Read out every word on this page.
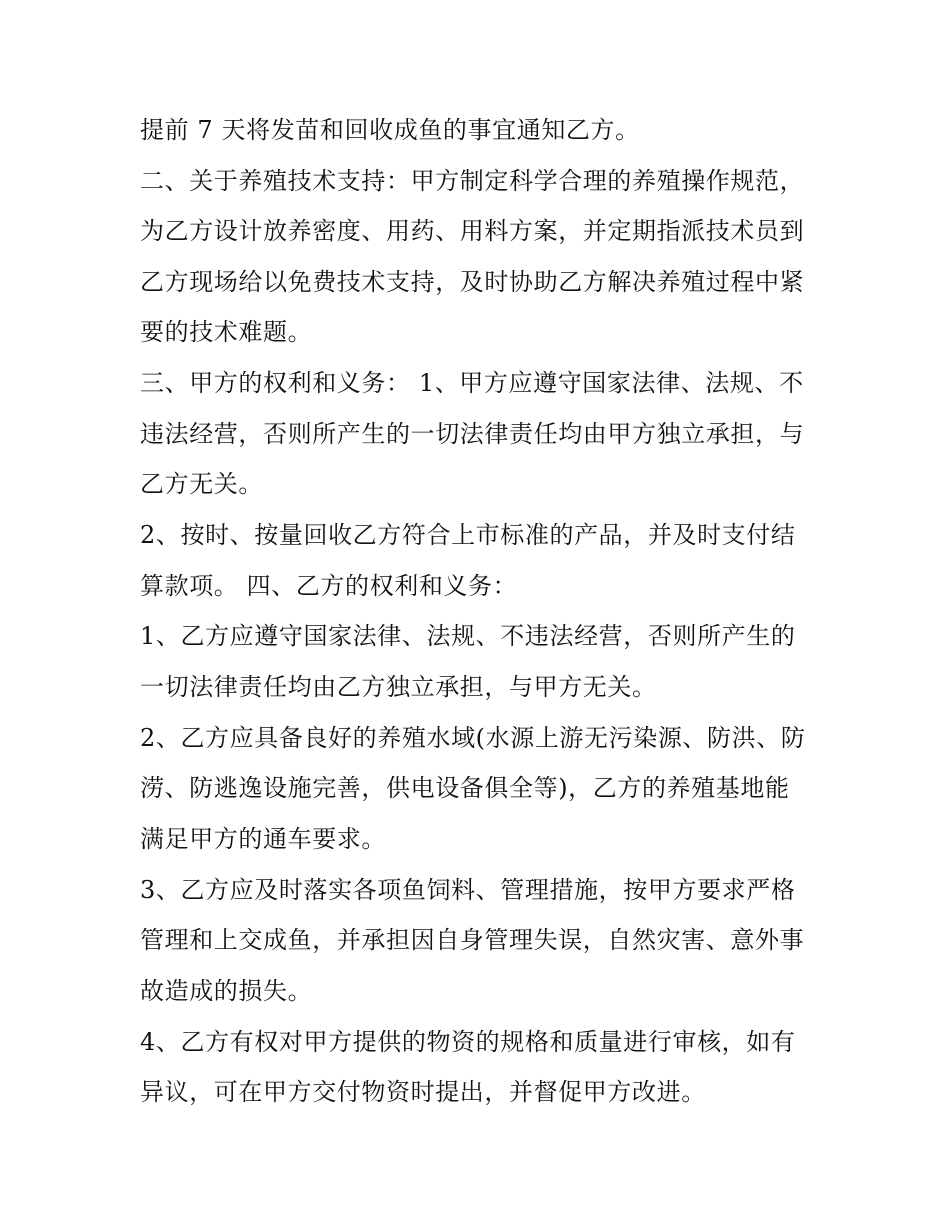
提前 7 天将发苗和回收成鱼的事宜通知乙方。
二、关于养殖技术支持：甲方制定科学合理的养殖操作规范，
为乙方设计放养密度、用药、用料方案，并定期指派技术员到
乙方现场给以免费技术支持，及时协助乙方解决养殖过程中紧
要的技术难题。
三、甲方的权利和义务： 1、甲方应遵守国家法律、法规、不
违法经营，否则所产生的一切法律责任均由甲方独立承担，与
乙方无关。
2、按时、按量回收乙方符合上市标准的产品，并及时支付结
算款项。 四、乙方的权利和义务：
1、乙方应遵守国家法律、法规、不违法经营，否则所产生的
一切法律责任均由乙方独立承担，与甲方无关。
2、乙方应具备良好的养殖水域(水源上游无污染源、防洪、防
涝、防逃逸设施完善，供电设备俱全等)，乙方的养殖基地能
满足甲方的通车要求。
3、乙方应及时落实各项鱼饲料、管理措施，按甲方要求严格
管理和上交成鱼，并承担因自身管理失误，自然灾害、意外事
故造成的损失。
4、乙方有权对甲方提供的物资的规格和质量进行审核，如有
异议，可在甲方交付物资时提出，并督促甲方改进。
